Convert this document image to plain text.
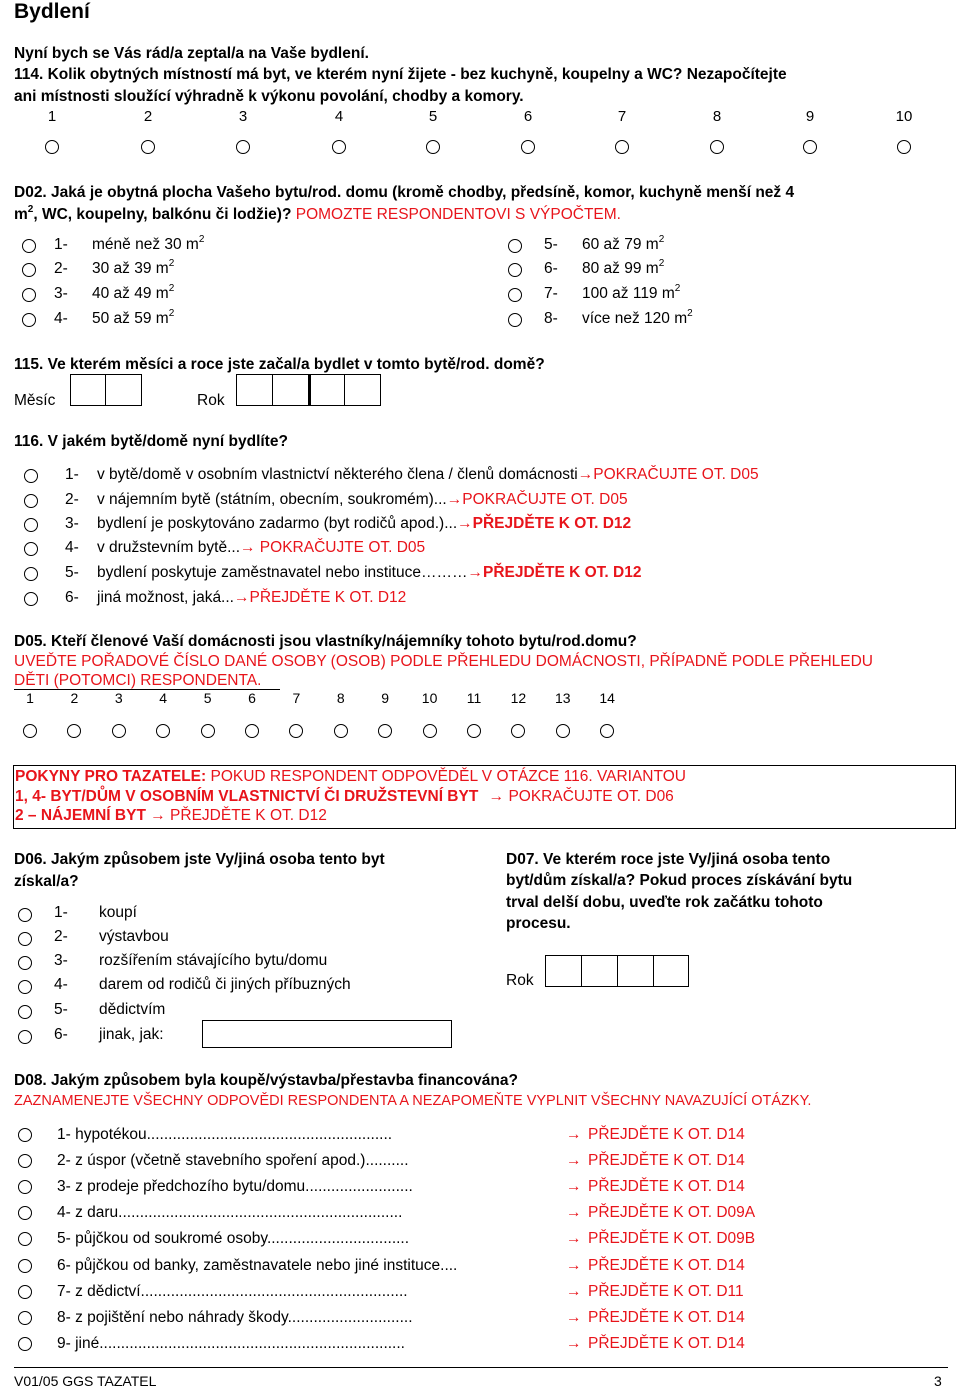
Bydlení
Nyní bych se Vás rád/a zeptal/a na Vaše bydlení.
114. Kolik obytných místností má byt, ve kterém nyní žijete - bez kuchyně, koupelny a WC? Nezapočítejte
ani místnosti sloužící výhradně k výkonu povolání, chodby a komory.
1	2	3	4	5	6	7	8	9	10
D02. Jaká je obytná plocha Vašeho bytu/rod. domu (kromě chodby, předsíně, komor, kuchyně menší než 4
$m^2$, WC, koupelny, balkónu či lodžie)? POMOZTE RESPONDENTOVI S VÝPOČTEM.
1- méně než 30 $m^2$
2- 30 až 39 $m^2$
3- 40 až 49 $m^2$
4- 50 až 59 $m^2$
5- 60 až 79 $m^2$
6- 80 až 99 $m^2$
7- 100 až 119 $m^2$
8- více než 120 $m^2$
115. Ve kterém měsíci a roce jste začal/a bydlet v tomto bytě/rod. domě?
Měsíc	Rok
116. V jakém bytě/domě nyní bydlíte?
1- v bytě/domě v osobním vlastnictví některého člena / členů domácnosti→POKRAČUJTE OT. D05
2- v nájemním bytě (státním, obecním, soukromém)...→POKRAČUJTE OT. D05
3- bydlení je poskytováno zadarmo (byt rodičů apod.)...→PŘEJDĚTE K OT. D12
4- v družstevním bytě...→ POKRAČUJTE OT. D05
5- bydlení poskytuje zaměstnavatel nebo instituce………→PŘEJDĚTE K OT. D12
6- jiná možnost, jaká...→PŘEJDĚTE K OT. D12
D05. Kteří členové Vaší domácnosti jsou vlastníky/nájemníky tohoto bytu/rod.domu?
UVEĎTE POŘADOVÉ ČÍSLO DANÉ OSOBY (OSOB) PODLE PŘEHLEDU DOMÁCNOSTI, PŘÍPADNĚ PODLE PŘEHLEDU
DĚTI (POTOMCI) RESPONDENTA.
1	2	3	4	5	6	7	8	9	10	11	12	13	14
POKYNY PRO TAZATELE: POKUD RESPONDENT ODPOVĚDĚL V OTÁZCE 116. VARIANTOU
1, 4- BYT/DŮM V OSOBNÍM VLASTNICTVÍ ČI DRUŽSTEVNÍ BYT → POKRAČUJTE OT. D06
2 – NÁJEMNÍ BYT → PŘEJDĚTE K OT. D12
D06. Jakým způsobem jste Vy/jiná osoba tento byt
získal/a?
1- koupí
2- výstavbou
3- rozšířením stávajícího bytu/domu
4- darem od rodičů či jiných příbuzných
5- dědictvím
6- jinak, jak:
D07. Ve kterém roce jste Vy/jiná osoba tento
byt/dům získal/a? Pokud proces získávání bytu
trval delší dobu, uveďte rok začátku tohoto
procesu.
Rok
D08. Jakým způsobem byla koupě/výstavba/přestavba financována?
ZAZNAMENEJTE VŠECHNY ODPOVĚDI RESPONDENTA A NEZAPOMEŇTE VYPLNIT VŠECHNY NAVAZUJÍCÍ OTÁZKY.
1- hypotékou.........................................................	→ PŘEJDĚTE K OT. D14
2- z úspor (včetně stavebního spoření apod.)..........	→ PŘEJDĚTE K OT. D14
3- z prodeje předchozího bytu/domu.........................	→ PŘEJDĚTE K OT. D14
4- z daru..................................................................	→ PŘEJDĚTE K OT. D09A
5- půjčkou od soukromé osoby.................................	→ PŘEJDĚTE K OT. D09B
6- půjčkou od banky, zaměstnavatele nebo jiné instituce....	→ PŘEJDĚTE K OT. D14
7- z dědictví..............................................................	→ PŘEJDĚTE K OT. D11
8- z pojištění nebo náhrady škody.............................	→ PŘEJDĚTE K OT. D14
9- jiné.......................................................................	→ PŘEJDĚTE K OT. D14
V01/05 GGS TAZATEL	3
